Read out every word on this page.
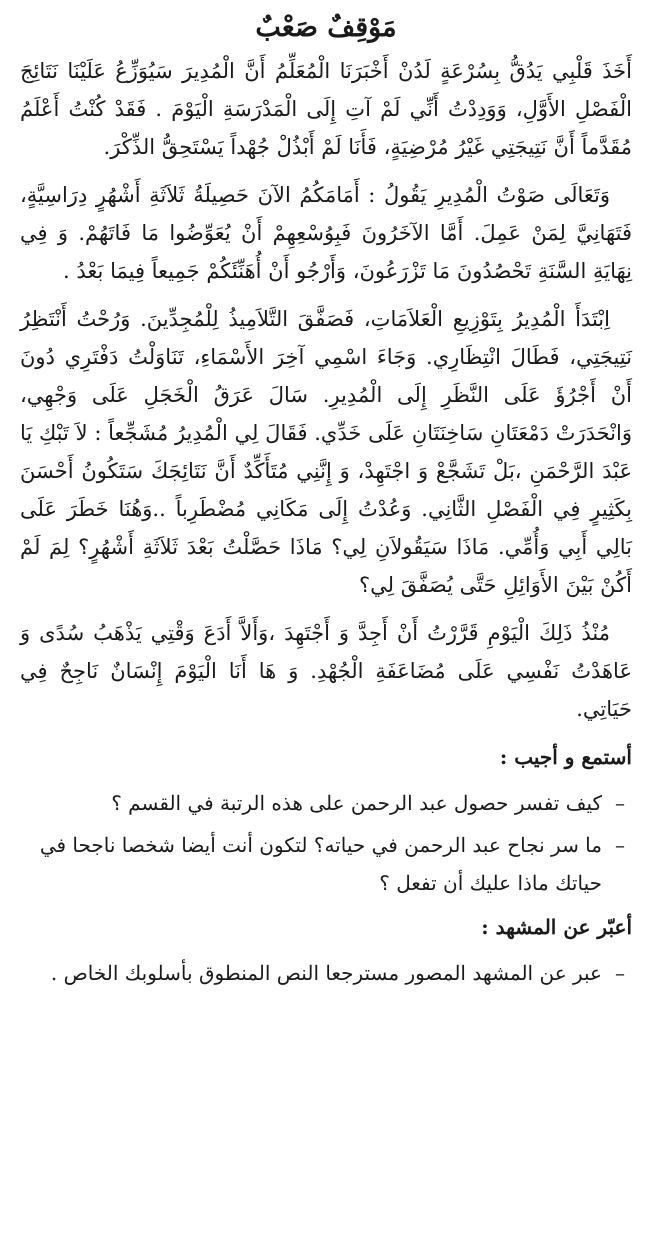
مَوْقِفٌ صَعْبٌ

أَخَذَ قَلْبِي يَدُقُّ بِسُرْعَةٍ لَدُنْ أَخْبَرَنَا الْمُعَلِّمُ أَنَّ الْمُدِيرَ سَيُوَزِّعُ عَلَيْنَا نَتَائِجَ الْفَصْلِ الأَوَّلِ، وَوَدِدْتُ أَنِّي لَمْ آتِ إِلَى الْمَدْرَسَةِ الْيَوْمَ . فَقَدْ كُنْتُ أَعْلَمُ مُقَدَّماً أَنَّ نَتِيجَتِي غَيْرُ مُرْضِيَةٍ، فَأَنَا لَمْ أَبْذُلْ جُهْداً يَسْتَحِقُّ الذِّكْرَ.

وَتَعَالَى صَوْتُ الْمُدِيرِ يَقُولُ : أَمَامَكُمُ الآنَ حَصِيلَةُ ثَلاَثَةِ أَشْهُرٍ دِرَاسِيَّةٍ، فَتَهَانِيَّ لِمَنْ عَمِلَ. أَمَّا الآخَرُونَ فَبِوُسْعِهِمْ أَنْ يُعَوِّضُوا مَا فَاتَهُمْ. وَ فِي نِهَايَةِ السَّنَةِ تَحْصُدُونَ مَا تَزْرَعُونَ، وَأَرْجُو أَنْ أُهَنِّئَكُمْ جَمِيعاً فِيمَا بَعْدُ .

اِبْتَدَأَ الْمُدِيرُ بِتَوْزِيعِ الْعَلاَمَاتِ، فَصَفَّقَ التَّلاَمِيذُ لِلْمُجِدِّينَ. وَرُحْتُ أَنْتَظِرُ نَتِيجَتِي، فَطَالَ انْتِظَارِي. وَجَاءَ اسْمِي آخِرَ الأَسْمَاءِ، تَنَاوَلْتُ دَفْتَرِي دُونَ أَنْ أَجْرُؤَ عَلَى النَّظَرِ إِلَى الْمُدِيرِ. سَالَ عَرَقُ الْخَجَلِ عَلَى وَجْهِي، وَانْحَدَرَتْ دَمْعَتَانِ سَاخِنَتَانِ عَلَى خَدِّي. فَقَالَ لِي الْمُدِيرُ مُشَجِّعاً : لاَ تَبْكِ يَا عَبْدَ الرَّحْمَنِ ،بَلْ تَشَجَّعْ وَ اجْتَهِدْ، وَ إِنَّنِي مُتَأَكِّدٌ أَنَّ نَتَائِجَكَ سَتَكُونُ أَحْسَنَ بِكَثِيرٍ فِي الْفَصْلِ الثَّانِي. وَعُدْتُ إِلَى مَكَانِي مُضْطَرِباً ..وَهُنَا خَطَرَ عَلَى بَالِي أَبِي وَأُمِّي. مَاذَا سَيَقُولاَنِ لِي؟ مَاذَا حَصَّلْتُ بَعْدَ ثَلاَثَةِ أَشْهُرٍ؟ لِمَ لَمْ أَكُنْ بَيْنَ الأَوَائِلِ حَتَّى يُصَفَّقَ لِي؟

مُنْذُ ذَلِكَ الْيَوْمِ قَرَّرْتُ أَنْ أَجِدَّ وَ أَجْتَهِدَ ،وَأَلاَّ أَدَعَ وَقْتِي يَذْهَبُ سُدًى وَ عَاهَدْتُ نَفْسِي عَلَى مُضَاعَفَةِ الْجُهْدِ. وَ هَا أَنَا الْيَوْمَ إِنْسَانٌ نَاجِحٌ فِي حَيَاتِي.

أستمع و أجيب :
–
كيف تفسر حصول عبد الرحمن على هذه الرتبة في القسم ؟
–
ما سر نجاح عبد الرحمن في حياته؟ لتكون أنت أيضا شخصا ناجحا في حياتك ماذا عليك أن تفعل ؟
أعبّر عن المشهد :
–
عبر عن المشهد المصور مسترجعا النص المنطوق بأسلوبك الخاص .
